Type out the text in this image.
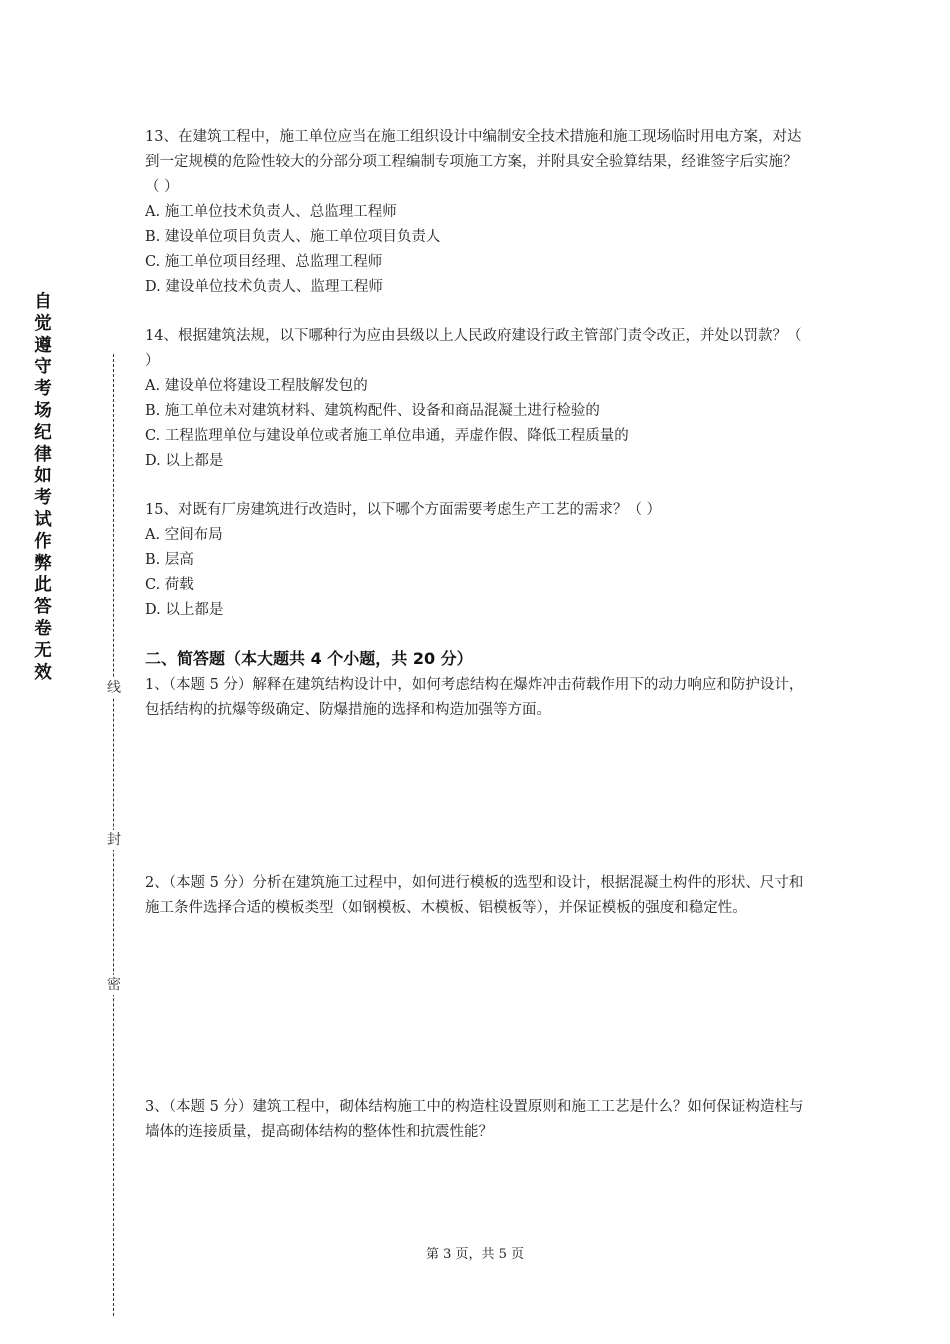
自觉遵守考场纪律如考试作弊此答卷无效
线
封
密

13、在建筑工程中，施工单位应当在施工组织设计中编制安全技术措施和施工现场临时用电方案，对达到一定规模的危险性较大的分部分项工程编制专项施工方案，并附具安全验算结果，经谁签字后实施？（ ）

A. 施工单位技术负责人、总监理工程师

B. 建设单位项目负责人、施工单位项目负责人

C. 施工单位项目经理、总监理工程师

D. 建设单位技术负责人、监理工程师

14、根据建筑法规，以下哪种行为应由县级以上人民政府建设行政主管部门责令改正，并处以罚款？（ ）

A. 建设单位将建设工程肢解发包的

B. 施工单位未对建筑材料、建筑构配件、设备和商品混凝土进行检验的

C. 工程监理单位与建设单位或者施工单位串通，弄虚作假、降低工程质量的

D. 以上都是

15、对既有厂房建筑进行改造时，以下哪个方面需要考虑生产工艺的需求？（ ）

A. 空间布局

B. 层高

C. 荷载

D. 以上都是

二、简答题（本大题共 4 个小题，共 20 分）

1、（本题 5 分）解释在建筑结构设计中，如何考虑结构在爆炸冲击荷载作用下的动力响应和防护设计，包括结构的抗爆等级确定、防爆措施的选择和构造加强等方面。

2、（本题 5 分）分析在建筑施工过程中，如何进行模板的选型和设计，根据混凝土构件的形状、尺寸和施工条件选择合适的模板类型（如钢模板、木模板、铝模板等），并保证模板的强度和稳定性。

3、（本题 5 分）建筑工程中，砌体结构施工中的构造柱设置原则和施工工艺是什么？如何保证构造柱与墙体的连接质量，提高砌体结构的整体性和抗震性能？

第 3 页，共 5 页
